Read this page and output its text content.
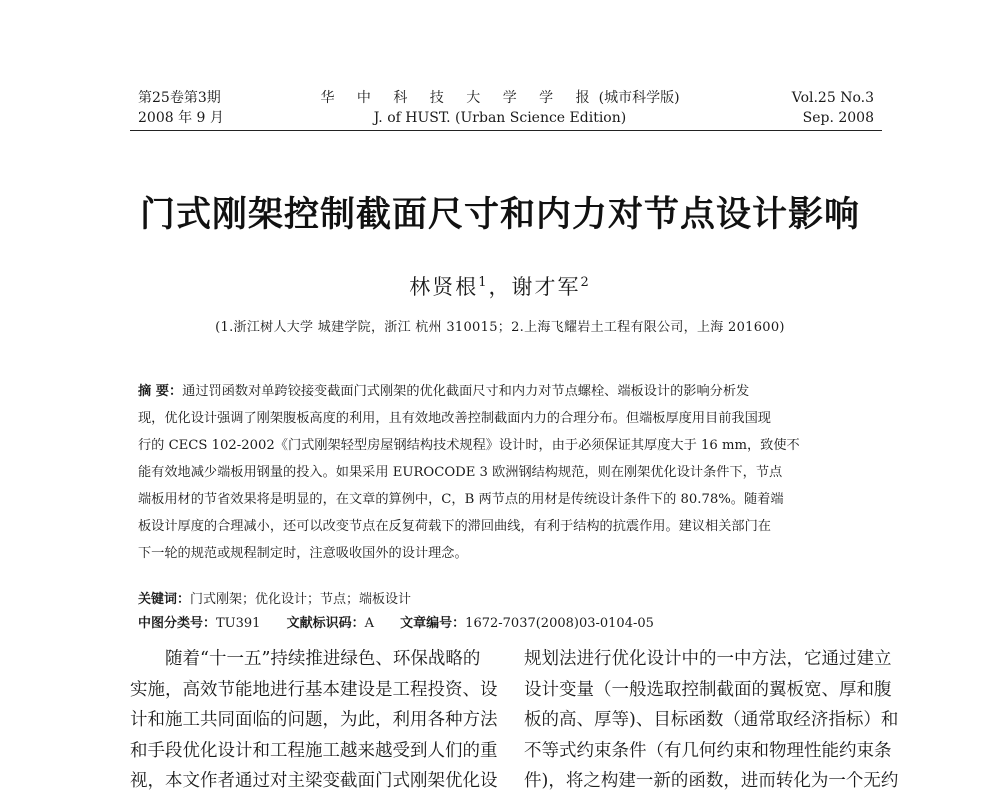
第25卷第3期
2008 年 9 月
华 中 科 技 大 学 学 报(城市科学版)
J. of HUST. (Urban Science Edition)
Vol.25 No.3
Sep. 2008
门式刚架控制截面尺寸和内力对节点设计影响
林贤根$^1$，谢才军$^2$
(1.浙江树人大学 城建学院，浙江 杭州 310015；2.上海飞耀岩土工程有限公司，上海 201600)
摘 要：通过罚函数对单跨铰接变截面门式刚架的优化截面尺寸和内力对节点螺栓、端板设计的影响分析发
现，优化设计强调了刚架腹板高度的利用，且有效地改善控制截面内力的合理分布。但端板厚度用目前我国现
行的 CECS 102-2002《门式刚架轻型房屋钢结构技术规程》设计时，由于必须保证其厚度大于 16 mm，致使不
能有效地减少端板用钢量的投入。如果采用 EUROCODE 3 欧洲钢结构规范，则在刚架优化设计条件下，节点
端板用材的节省效果将是明显的，在文章的算例中，C，B 两节点的用材是传统设计条件下的 80.78%。随着端
板设计厚度的合理减小，还可以改变节点在反复荷载下的滞回曲线，有利于结构的抗震作用。建议相关部门在
下一轮的规范或规程制定时，注意吸收国外的设计理念。
关键词：门式刚架；优化设计；节点；端板设计
中图分类号：TU391 文献标识码：A 文章编号：1672-7037(2008)03-0104-05
随着“十一五”持续推进绿色、环保战略的
实施，高效节能地进行基本建设是工程投资、设
计和施工共同面临的问题，为此，利用各种方法
和手段优化设计和工程施工越来越受到人们的重
视，本文作者通过对主梁变截面门式刚架优化设
规划法进行优化设计中的一中方法，它通过建立
设计变量（一般选取控制截面的翼板宽、厚和腹
板的高、厚等)、目标函数（通常取经济指标）和
不等式约束条件（有几何约束和物理性能约束条
件)，将之构建一新的函数，进而转化为一个无约
